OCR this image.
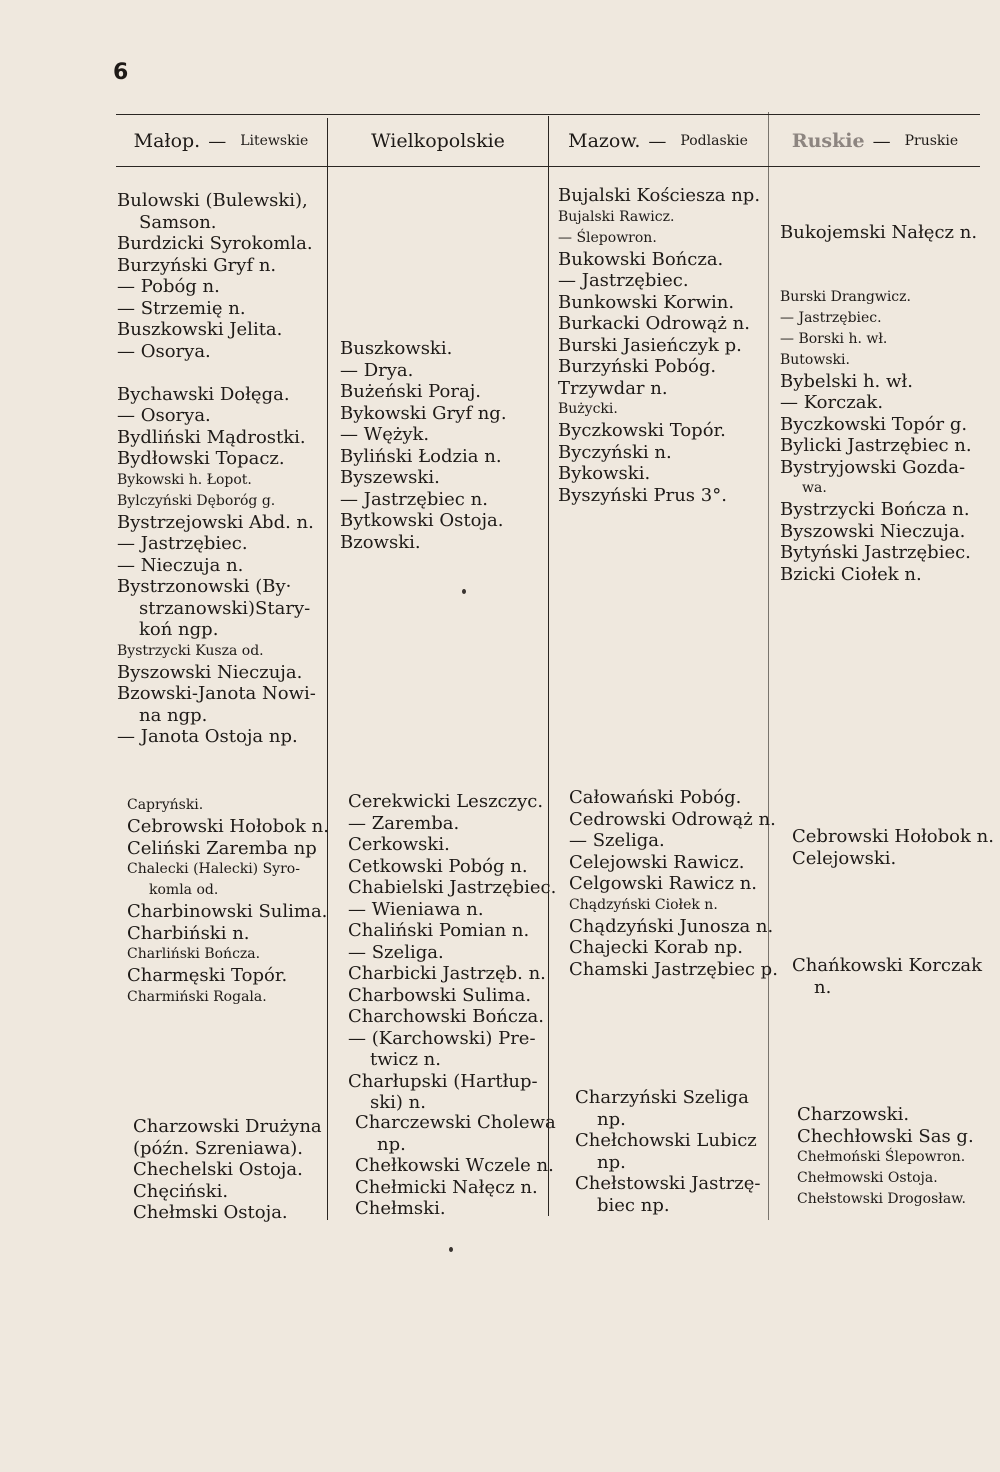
6
Małop. — Litewskie	Wielkopolskie	Mazow. — Podlaskie Ruskie — Pruskie
Bulowski (Bulewski),
Samson.
Burdzicki Syrokomla.
Burzyński Gryf n.
— Pobóg n.
— Strzemię n.
Buszkowski Jelita.
— Osorya.

Bychawski Dołęga.
— Osorya.
Bydliński Mądrostki.
Bydłowski Topacz.
Bykowski h. Łopot.
Bylczyński Dęboróg g.
Bystrzejowski Abd. n.
— Jastrzębiec.
— Nieczuja n.
Bystrzonowski (By·
strzanowski)Stary-
koń ngp.
Bystrzycki Kusza od.
Byszowski Nieczuja.
Bzowski-Janota Nowi-
na ngp.
— Janota Ostoja np.
Buszkowski.
— Drya.
Bużeński Poraj.
Bykowski Gryf ng.
— Wężyk.
Byliński Łodzia n.
Byszewski.
— Jastrzębiec n.
Bytkowski Ostoja.
Bzowski.
Bujalski Kościesza np.
Bujalski Rawicz.
— Ślepowron.
Bukowski Bończa.
— Jastrzębiec.
Bunkowski Korwin.
Burkacki Odrowąż n.
Burski Jasieńczyk p.
Burzyński Pobóg.
Trzywdar n.
Bużycki.
Byczkowski Topór.
Byczyński n.
Bykowski.
Byszyński Prus 3°.
Bukojemski Nałęcz n.

Burski Drangwicz.
— Jastrzębiec.
— Borski h. wł.
Butowski.
Bybelski h. wł.
— Korczak.
Byczkowski Topór g.
Bylicki Jastrzębiec n.
Bystryjowski Gozda-
wa.
Bystrzycki Bończa n.
Byszowski Nieczuja.
Bytyński Jastrzębiec.
Bzicki Ciołek n.
Capryński.
Cebrowski Hołobok n.
Celiński Zaremba np
Chalecki (Halecki) Syro-
komla od.
Charbinowski Sulima.
Charbiński n.
Charliński Bończa.
Charmęski Topór.
Charmiński Rogala.
Cerekwicki Leszczyc.
— Zaremba.
Cerkowski.
Cetkowski Pobóg n.
Chabielski Jastrzębiec.
— Wieniawa n.
Chaliński Pomian n.
— Szeliga.
Charbicki Jastrzęb. n.
Charbowski Sulima.
Charchowski Bończa.
— (Karchowski) Pre-
twicz n.
Charłupski (Hartłup-
ski) n.
Całowański Pobóg.
Cedrowski Odrowąż n.
— Szeliga.
Celejowski Rawicz.
Celgowski Rawicz n.
Chądzyński Ciołek n.
Chądzyński Junosza n.
Chajecki Korab np.
Chamski Jastrzębiec p.
Cebrowski Hołobok n.
Celejowski.

Chańkowski Korczak
n.
Charzowski Drużyna
(późn. Szreniawa).
Chechelski Ostoja.
Chęciński.
Chełmski Ostoja.
Charczewski Cholewa
np.
Chełkowski Wczele n.
Chełmicki Nałęcz n.
Chełmski.
Charzyński Szeliga
np.
Chełchowski Lubicz
np.
Chełstowski Jastrzę-
biec np.
Charzowski.
Chechłowski Sas g.
Chełmoński Ślepowron.
Chełmowski Ostoja.
Chełstowski Drogosław.
